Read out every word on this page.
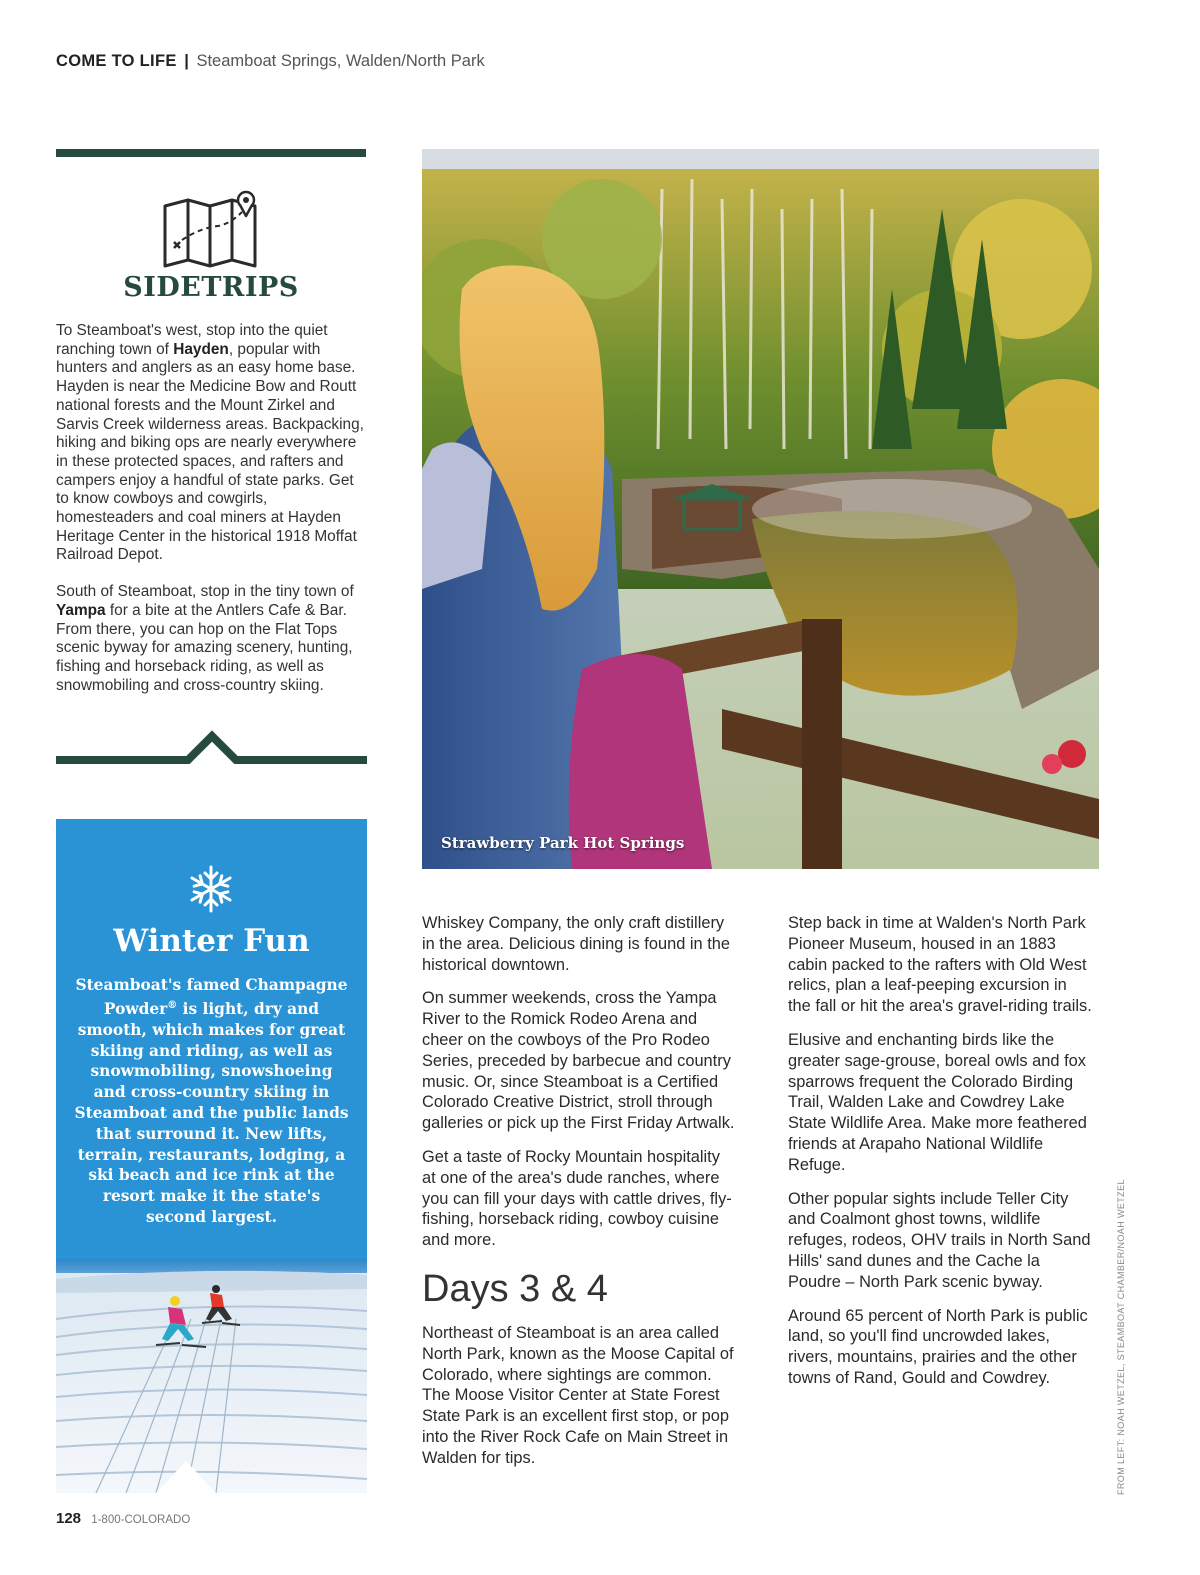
COME TO LIFE | Steamboat Springs, Walden/North Park
SIDETRIPS

To Steamboat's west, stop into the quiet ranching town of Hayden, popular with hunters and anglers as an easy home base. Hayden is near the Medicine Bow and Routt national forests and the Mount Zirkel and Sarvis Creek wilderness areas. Backpacking, hiking and biking ops are nearly everywhere in these protected spaces, and rafters and campers enjoy a handful of state parks. Get to know cowboys and cowgirls, homesteaders and coal miners at Hayden Heritage Center in the historical 1918 Moffat Railroad Depot.

South of Steamboat, stop in the tiny town of Yampa for a bite at the Antlers Cafe & Bar. From there, you can hop on the Flat Tops scenic byway for amazing scenery, hunting, fishing and horseback riding, as well as snowmobiling and cross-country skiing.

Winter Fun
Steamboat's famed Champagne Powder® is light, dry and smooth, which makes for great skiing and riding, as well as snowmobiling, snowshoeing and cross-country skiing in Steamboat and the public lands that surround it. New lifts, terrain, restaurants, lodging, a ski beach and ice rink at the resort make it the state's second largest.
Strawberry Park Hot Springs

Whiskey Company, the only craft distillery in the area. Delicious dining is found in the historical downtown.

On summer weekends, cross the Yampa River to the Romick Rodeo Arena and cheer on the cowboys of the Pro Rodeo Series, preceded by barbecue and country music. Or, since Steamboat is a Certified Colorado Creative District, stroll through galleries or pick up the First Friday Artwalk.

Get a taste of Rocky Mountain hospitality at one of the area's dude ranches, where you can fill your days with cattle drives, fly-fishing, horseback riding, cowboy cuisine and more.

Days 3 & 4

Northeast of Steamboat is an area called North Park, known as the Moose Capital of Colorado, where sightings are common. The Moose Visitor Center at State Forest State Park is an excellent first stop, or pop into the River Rock Cafe on Main Street in Walden for tips.

Step back in time at Walden's North Park Pioneer Museum, housed in an 1883 cabin packed to the rafters with Old West relics, plan a leaf-peeping excursion in the fall or hit the area's gravel-riding trails.

Elusive and enchanting birds like the greater sage-grouse, boreal owls and fox sparrows frequent the Colorado Birding Trail, Walden Lake and Cowdrey Lake State Wildlife Area. Make more feathered friends at Arapaho National Wildlife Refuge.

Other popular sights include Teller City and Coalmont ghost towns, wildlife refuges, rodeos, OHV trails in North Sand Hills' sand dunes and the Cache la Poudre – North Park scenic byway.

Around 65 percent of North Park is public land, so you'll find uncrowded lakes, rivers, mountains, prairies and the other towns of Rand, Gould and Cowdrey.	FROM LEFT: NOAH WETZEL, STEAMBOAT CHAMBER/NOAH WETZEL
128 1-800-COLORADO
